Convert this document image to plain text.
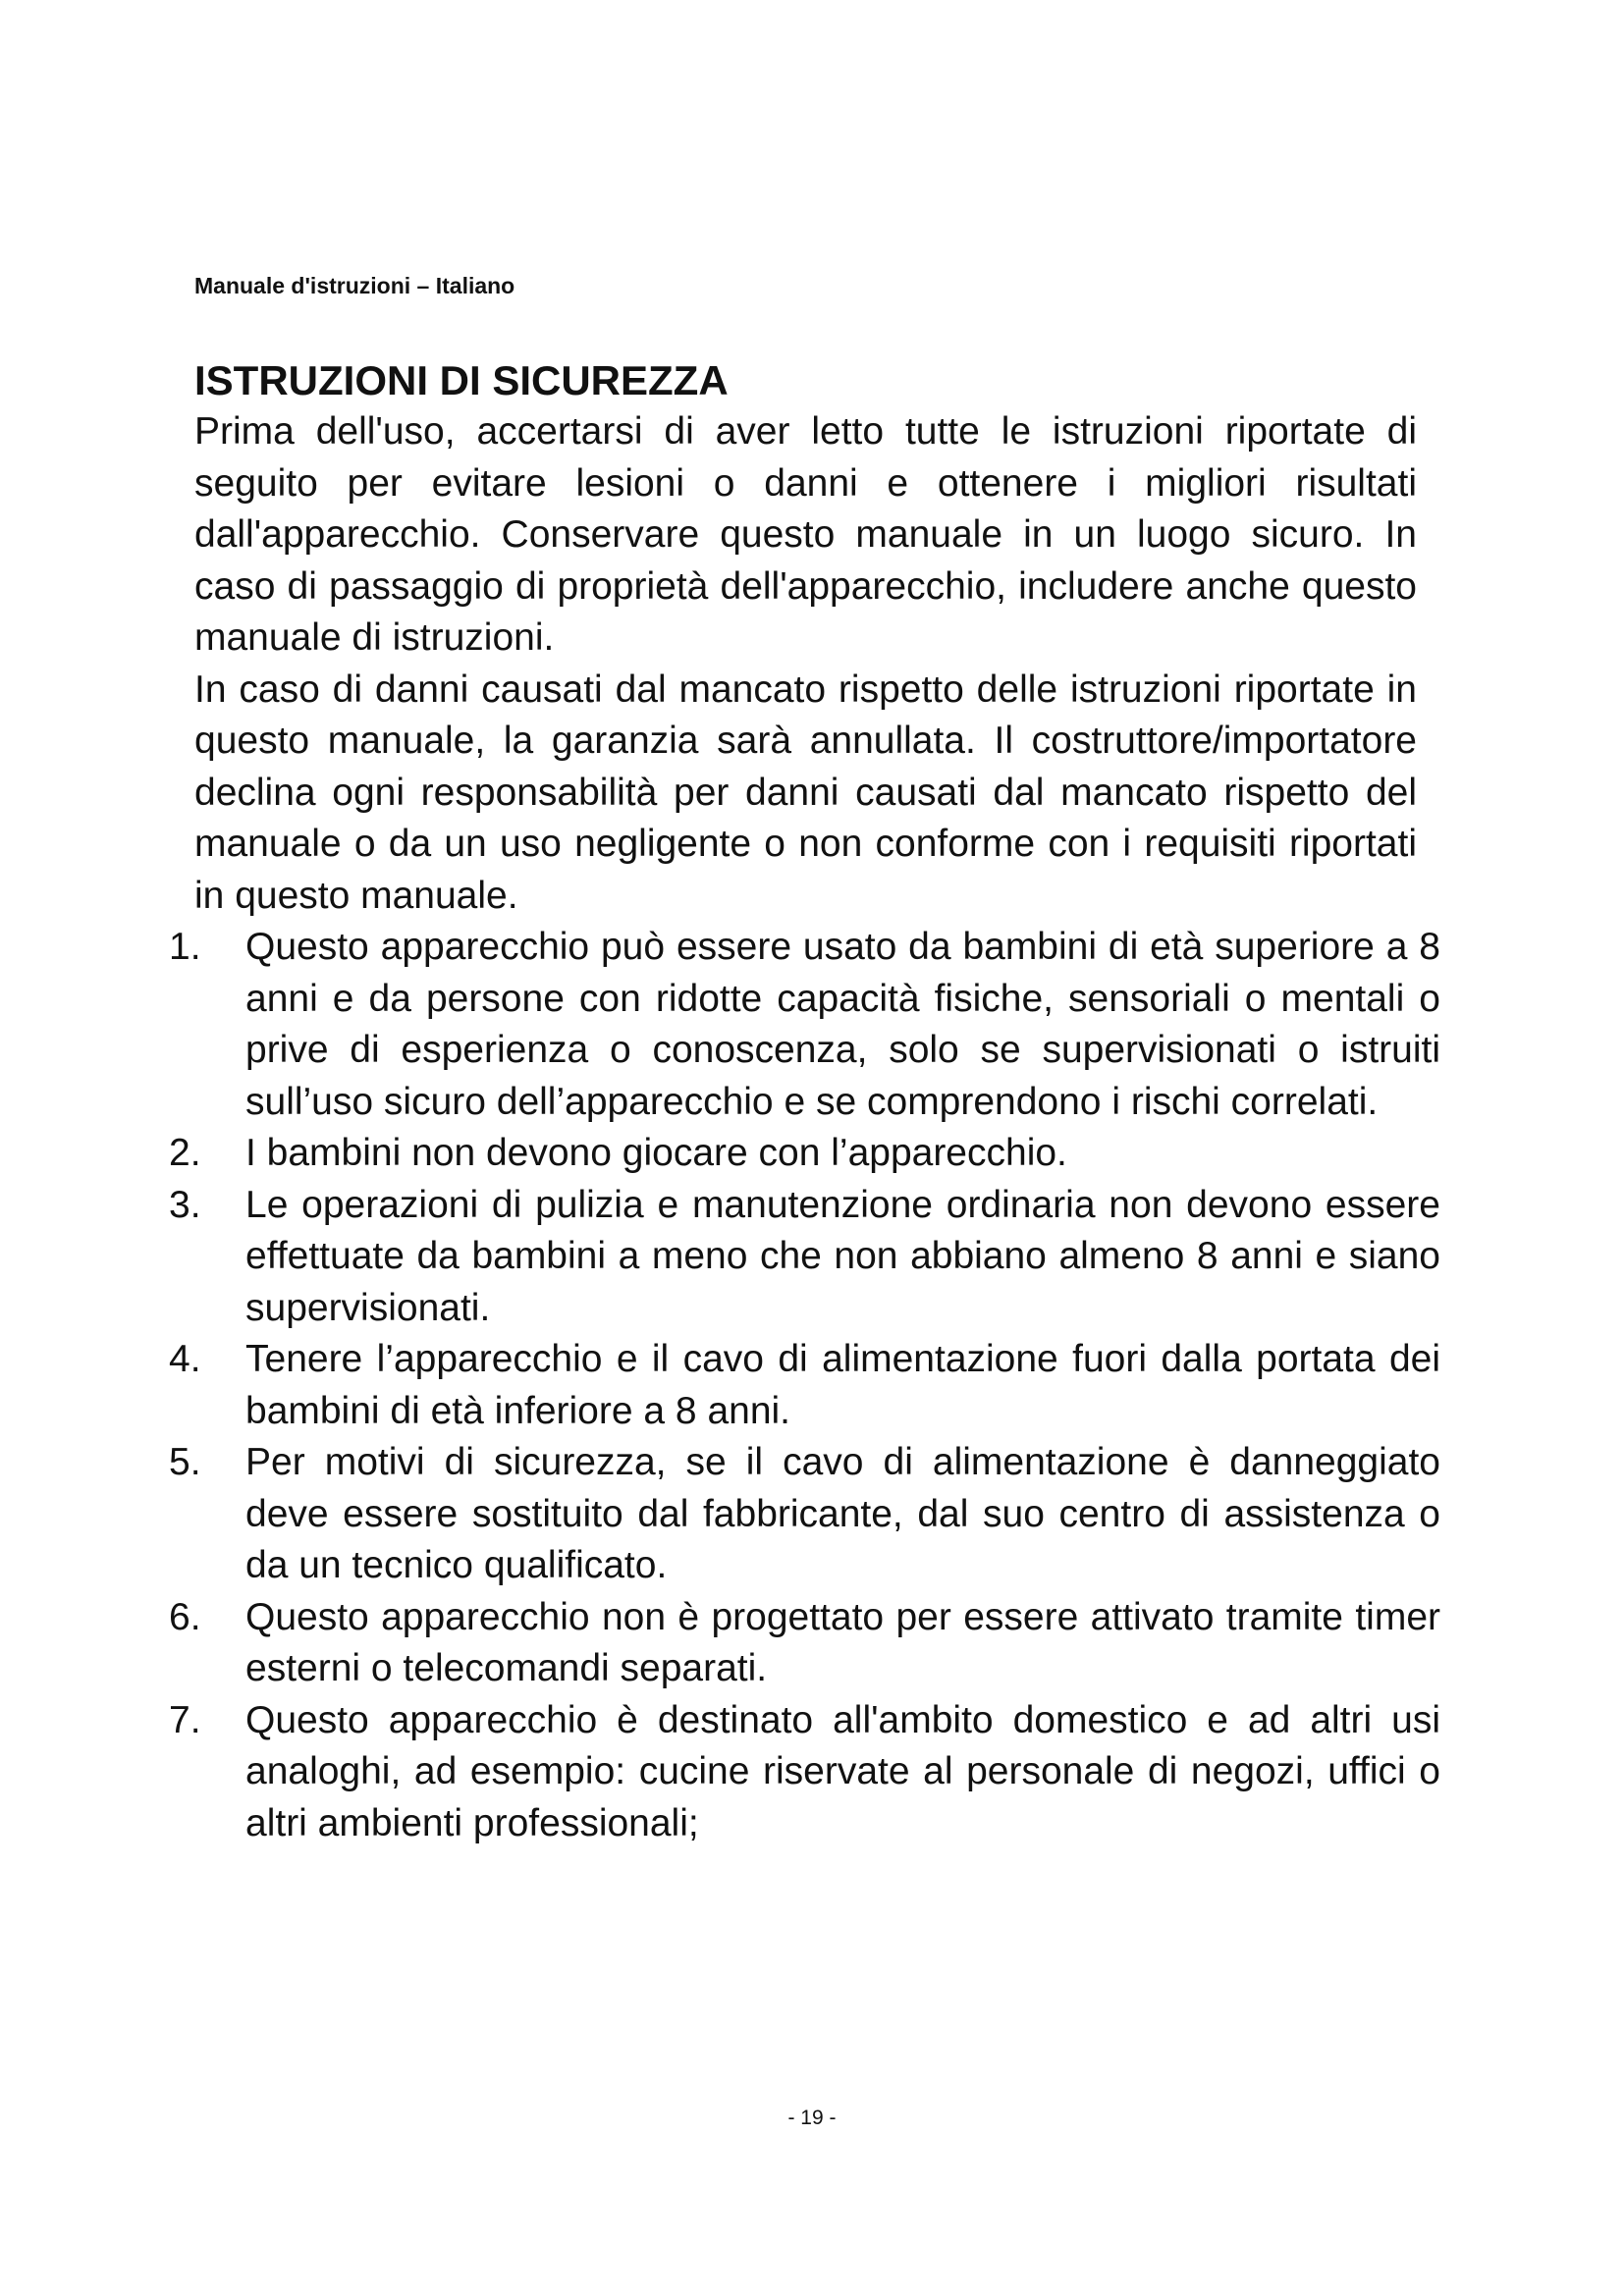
Manuale d'istruzioni – Italiano
ISTRUZIONI DI SICUREZZA

Prima dell'uso, accertarsi di aver letto tutte le istruzioni riportate di seguito per evitare lesioni o danni e ottenere i migliori risultati dall'apparecchio. Conservare questo manuale in un luogo sicuro. In caso di passaggio di proprietà dell'apparecchio, includere anche questo manuale di istruzioni.

In caso di danni causati dal mancato rispetto delle istruzioni riportate in questo manuale, la garanzia sarà annullata. Il costruttore/importatore declina ogni responsabilità per danni causati dal mancato rispetto del manuale o da un uso negligente o non conforme con i requisiti riportati in questo manuale.

1. Questo apparecchio può essere usato da bambini di età superiore a 8 anni e da persone con ridotte capacità fisiche, sensoriali o mentali o prive di esperienza o conoscenza, solo se supervisionati o istruiti sull’uso sicuro dell’apparecchio e se comprendono i rischi correlati.
2. I bambini non devono giocare con l’apparecchio.
3. Le operazioni di pulizia e manutenzione ordinaria non devono essere effettuate da bambini a meno che non abbiano almeno 8 anni e siano supervisionati.
4. Tenere l’apparecchio e il cavo di alimentazione fuori dalla portata dei bambini di età inferiore a 8 anni.
5. Per motivi di sicurezza, se il cavo di alimentazione è danneggiato deve essere sostituito dal fabbricante, dal suo centro di assistenza o da un tecnico qualificato.
6. Questo apparecchio non è progettato per essere attivato tramite timer esterni o telecomandi separati.
7. Questo apparecchio è destinato all'ambito domestico e ad altri usi analoghi, ad esempio: cucine riservate al personale di negozi, uffici o altri ambienti professionali;
- 19 -
